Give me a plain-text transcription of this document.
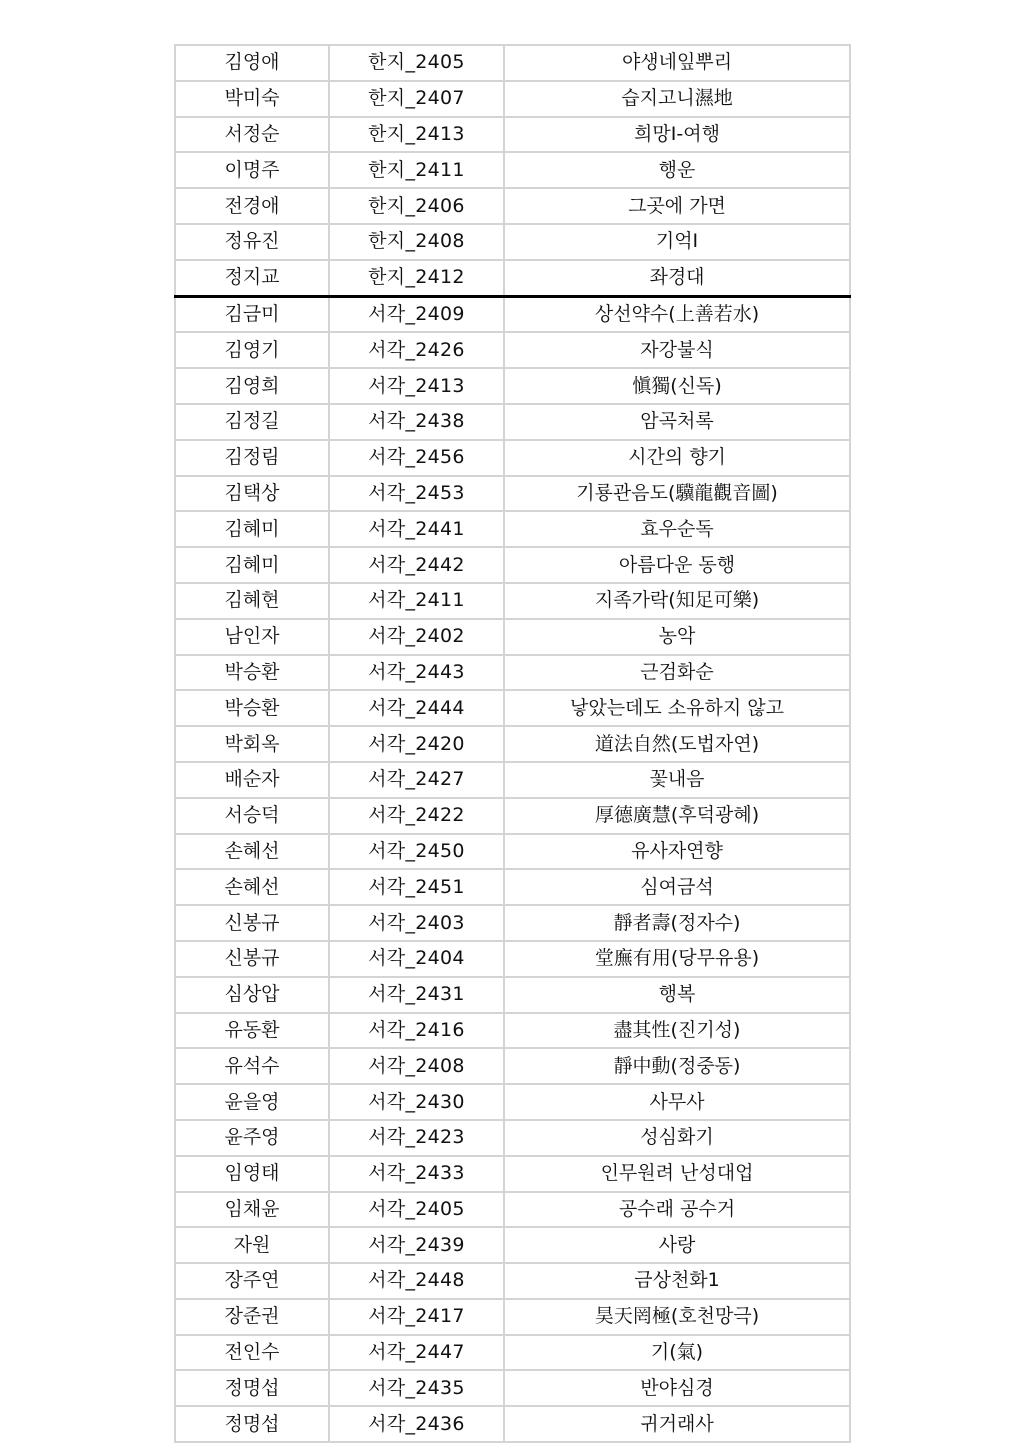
김영애	한지_2405	야생네잎뿌리
박미숙	한지_2407	습지고니濕地
서정순	한지_2413	희망Ⅰ-여행
이명주	한지_2411	행운
전경애	한지_2406	그곳에 가면
정유진	한지_2408	기억Ⅰ
정지교	한지_2412	좌경대
김금미	서각_2409	상선약수(上善若水)
김영기	서각_2426	자강불식
김영희	서각_2413	愼獨(신독)
김정길	서각_2438	암곡처록
김정림	서각_2456	시간의 향기
김택상	서각_2453	기룡관음도(驥龍觀音圖)
김혜미	서각_2441	효우순독
김혜미	서각_2442	아름다운 동행
김혜현	서각_2411	지족가락(知足可樂)
남인자	서각_2402	농악
박승환	서각_2443	근검화순
박승환	서각_2444	낳았는데도 소유하지 않고
박회옥	서각_2420	道法自然(도법자연)
배순자	서각_2427	꽃내음
서승덕	서각_2422	厚德廣慧(후덕광혜)
손혜선	서각_2450	유사자연향
손혜선	서각_2451	심여금석
신봉규	서각_2403	靜者壽(정자수)
신봉규	서각_2404	堂廡有用(당무유용)
심상압	서각_2431	행복
유동환	서각_2416	盡其性(진기성)
유석수	서각_2408	靜中動(정중동)
윤을영	서각_2430	사무사
윤주영	서각_2423	성심화기
임영태	서각_2433	인무원려 난성대업
임채윤	서각_2405	공수래 공수거
자원	서각_2439	사랑
장주연	서각_2448	금상천화1
장준권	서각_2417	昊天罔極(호천망극)
전인수	서각_2447	기(氣)
정명섭	서각_2435	반야심경
정명섭	서각_2436	귀거래사
